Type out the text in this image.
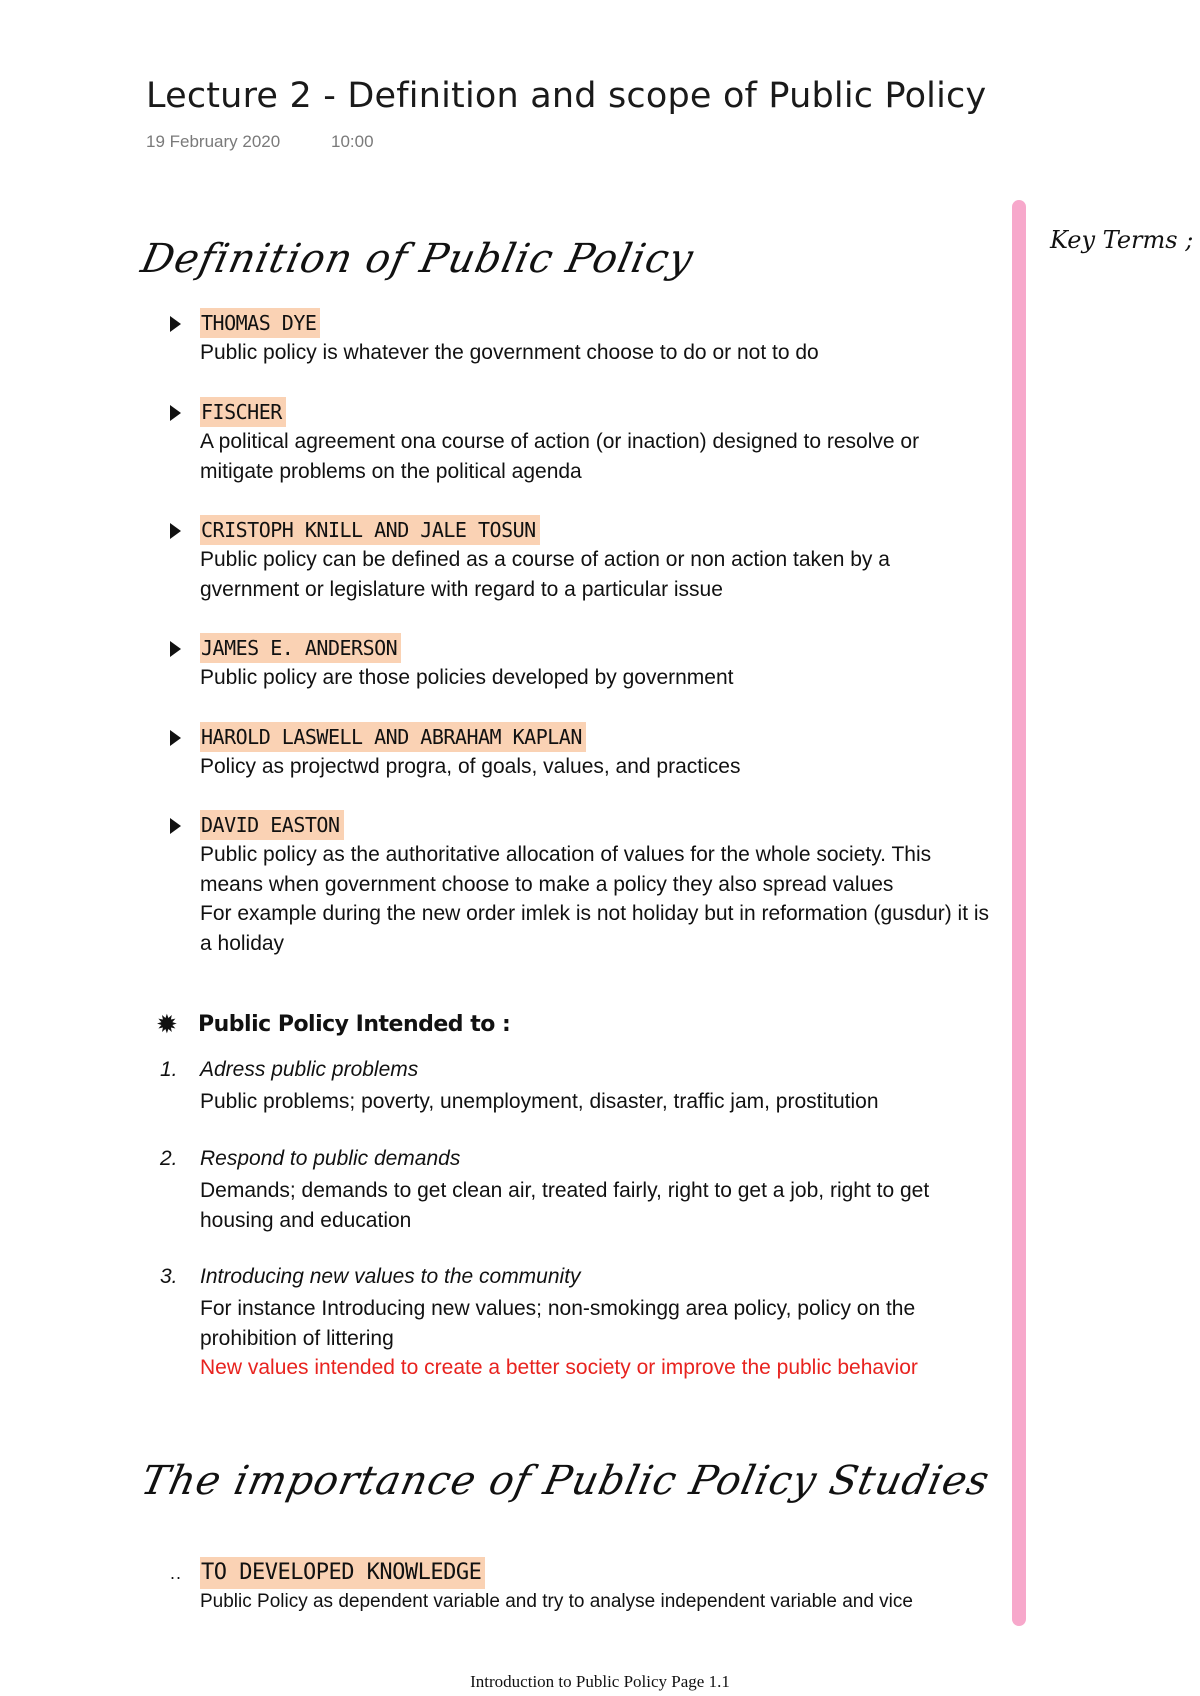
Lecture 2 - Definition and scope of Public Policy
19 February 2020	10:00
Key Terms ;
Definition of Public Policy
THOMAS DYE

Public policy is whatever the government choose to do or not to do

FISCHER

A political agreement ona course of action (or inaction) designed to resolve or mitigate problems on the political agenda

CRISTOPH KNILL AND JALE TOSUN

Public policy can be defined as a course of action or non action taken by a gvernment or legislature with regard to a particular issue

JAMES E. ANDERSON

Public policy are those policies developed by government

HAROLD LASWELL AND ABRAHAM KAPLAN

Policy as projectwd progra, of goals, values, and practices

DAVID EASTON

Public policy as the authoritative allocation of values for the whole society. This means when government choose to make a policy they also spread values

For example during the new order imlek is not holiday but in reformation (gusdur) it is a holiday

✹ Public Policy Intended to :
1. Adress public problems

Public problems; poverty, unemployment, disaster, traffic jam, prostitution

2. Respond to public demands

Demands; demands to get clean air, treated fairly, right to get a job, right to get housing and education

3. Introducing new values to the community

For instance Introducing new values; non-smokingg area policy, policy on the prohibition of littering

New values intended to create a better society or improve the public behavior

The importance of Public Policy Studies
.. TO DEVELOPED KNOWLEDGE
Public Policy as dependent variable and try to analyse independent variable and vice
Introduction to Public Policy Page 1.1
